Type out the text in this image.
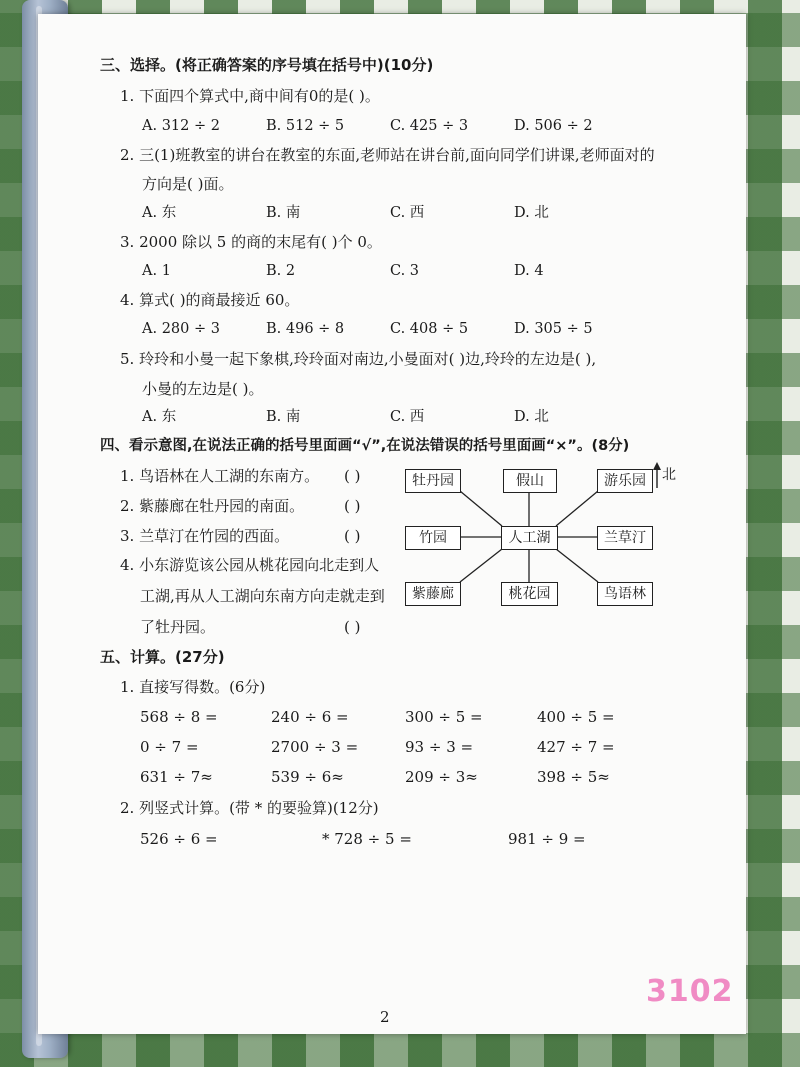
三、选择。(将正确答案的序号填在括号中)(10分)
1. 下面四个算式中,商中间有0的是( )。
A. 312 ÷ 2	B. 512 ÷ 5	C. 425 ÷ 3	D. 506 ÷ 2
2. 三(1)班教室的讲台在教室的东面,老师站在讲台前,面向同学们讲课,老师面对的
方向是( )面。
A. 东	B. 南	C. 西	D. 北
3. 2000 除以 5 的商的末尾有( )个 0。
A. 1	B. 2	C. 3	D. 4
4. 算式( )的商最接近 60。
A. 280 ÷ 3	B. 496 ÷ 8	C. 408 ÷ 5	D. 305 ÷ 5
5. 玲玲和小曼一起下象棋,玲玲面对南边,小曼面对( )边,玲玲的左边是( ),
小曼的左边是( )。
A. 东	B. 南	C. 西	D. 北
四、看示意图,在说法正确的括号里面画“√”,在说法错误的括号里面画“×”。(8分)
1. 鸟语林在人工湖的东南方。 ( )
2. 紫藤廊在牡丹园的南面。	( )
3. 兰草汀在竹园的西面。	( )
4. 小东游览该公园从桃花园向北走到人
工湖,再从人工湖向东南方向走就走到
了牡丹园。	( )
北
牡丹园	假山	游乐园
竹园	人工湖	兰草汀
紫藤廊	桃花园	鸟语林
五、计算。(27分)
1. 直接写得数。(6分)
568 ÷ 8 =	240 ÷ 6 =	300 ÷ 5 =	400 ÷ 5 =
0 ÷ 7 =	2700 ÷ 3 =	93 ÷ 3 =	427 ÷ 7 =
631 ÷ 7≈	539 ÷ 6≈	209 ÷ 3≈	398 ÷ 5≈
2. 列竖式计算。(带 * 的要验算)(12分)
526 ÷ 6 =	* 728 ÷ 5 =	981 ÷ 9 =
2
3102
